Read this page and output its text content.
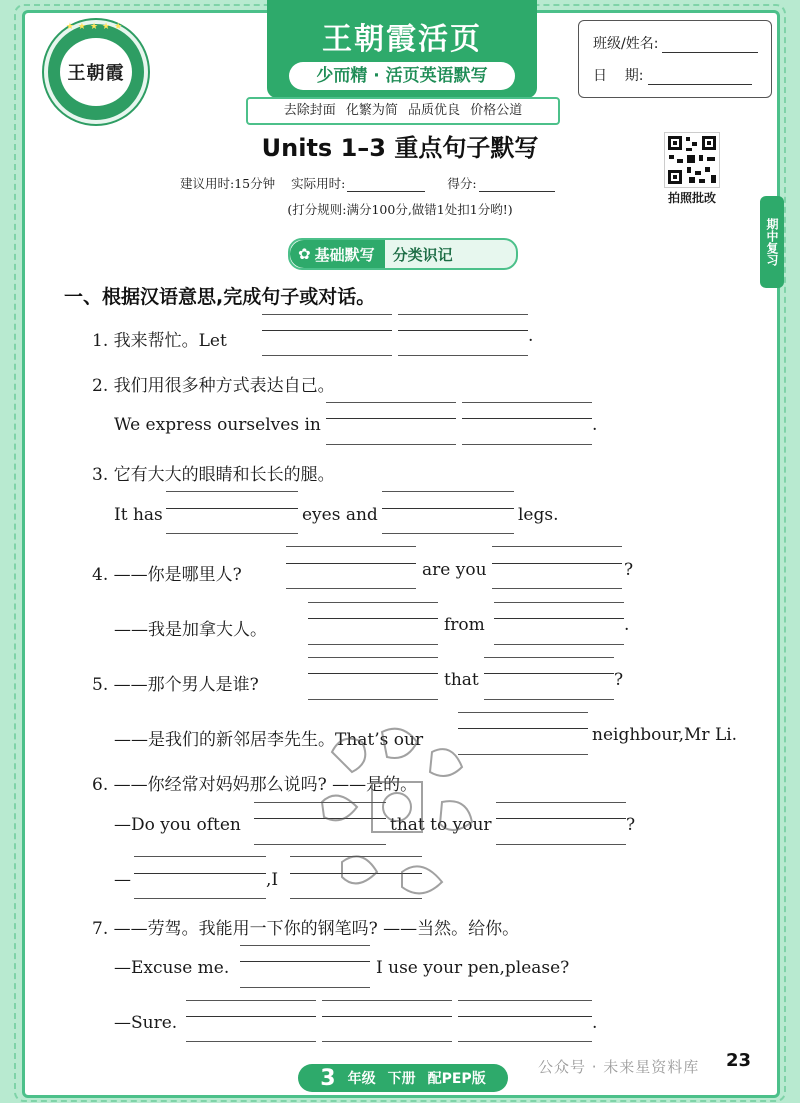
王朝霞
★★★★★	王朝霞活页
少而精 · 活页英语默写
去除封面 化繁为简 品质优良 价格公道
班级/姓名:
日    期:
Units 1–3 重点句子默写
建议用时:15分钟 实际用时:	得分:
(打分规则:满分100分,做错1处扣1分哟!)
拍照批改
期中复习
✿ 基础默写	分类识记
一、根据汉语意思,完成句子或对话。
1. 我来帮忙。Let	.
2. 我们用很多种方式表达自己。
We express ourselves in	.
3. 它有大大的眼睛和长长的腿。
It has	eyes and	legs.
4. ——你是哪里人?	are you	?
——我是加拿大人。	from	.
5. ——那个男人是谁?	that	?
——是我们的新邻居李先生。That’s our	neighbour,Mr Li.
6. ——你经常对妈妈那么说吗? ——是的。
—Do you often	that to your	?
—	,I
7. ——劳驾。我能用一下你的钢笔吗? ——当然。给你。
—Excuse me.	I use your pen,please?
—Sure.	.
3 年级 下册 配PEP版
公众号 · 未来星资料库 23
